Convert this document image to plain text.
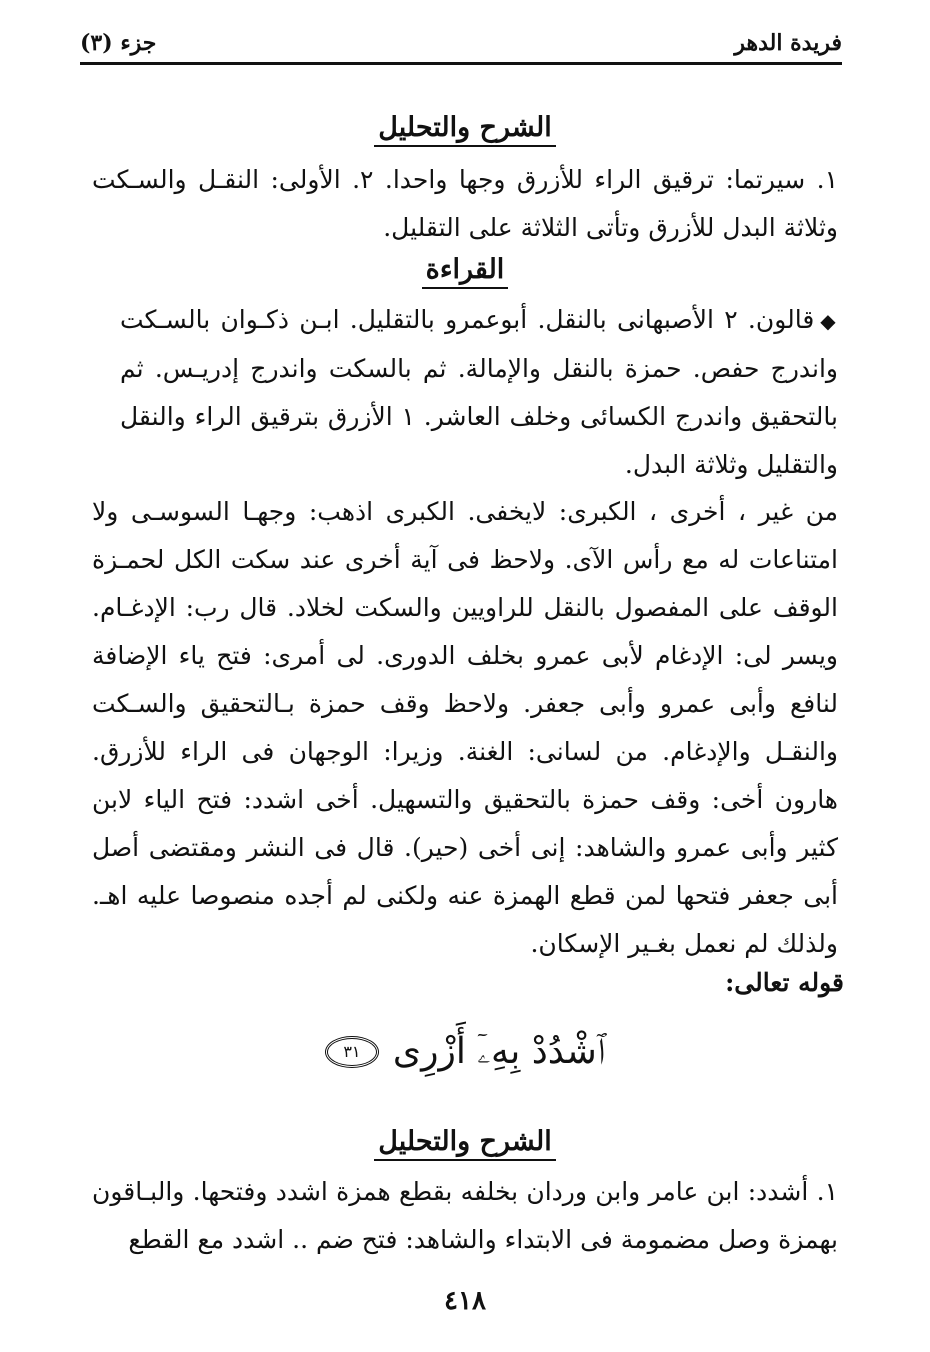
فريدة الدهر
جزء (٣)
الشرح والتحليل

١. سيرتما: ترقيق الراء للأزرق وجها واحدا. ٢. الأولى: النقـل والسـكت وثلاثة البدل للأزرق وتأتى الثلاثة على التقليل.

القراءة

◆قالون. ٢ الأصبهانى بالنقل. أبوعمرو بالتقليل. ابـن ذكـوان بالسـكت واندرج حفص. حمزة بالنقل والإمالة. ثم بالسكت واندرج إدريـس. ثم بالتحقيق واندرج الكسائى وخلف العاشر. ١ الأزرق بترقيق الراء والنقل والتقليل وثلاثة البدل.

من غير ، أخرى ، الكبرى: لايخفى. الكبرى اذهب: وجهـا السوسـى ولا امتناعات له مع رأس الآى. ولاحظ فى آية أخرى عند سكت الكل لحمـزة الوقف على المفصول بالنقل للراويين والسكت لخلاد. قال رب: الإدغـام. ويسر لى: الإدغام لأبى عمرو بخلف الدورى. لى أمرى: فتح ياء الإضافة لنافع وأبى عمرو وأبى جعفر. ولاحظ وقف حمزة بـالتحقيق والسـكت والنقـل والإدغام. من لسانى: الغنة. وزيرا: الوجهان فى الراء للأزرق. هارون أخى: وقف حمزة بالتحقيق والتسهيل. أخى اشدد: فتح الياء لابن كثير وأبى عمرو والشاهد: إنى أخى (حير). قال فى النشر ومقتضى أصل أبى جعفر فتحها لمن قطع الهمزة عنه ولكنى لم أجده منصوصا عليه اهـ. ولذلك لم نعمل بغـير الإسكان.

قوله تعالى:
ٱشْدُدْ بِهِۦٓ أَزْرِى٣١
الشرح والتحليل

١. أشدد: ابن عامر وابن وردان بخلفه بقطع همزة اشدد وفتحها. والبـاقون بهمزة وصل مضمومة فى الابتداء والشاهد: فتح ضم .. اشدد مع القطع

٤١٨
